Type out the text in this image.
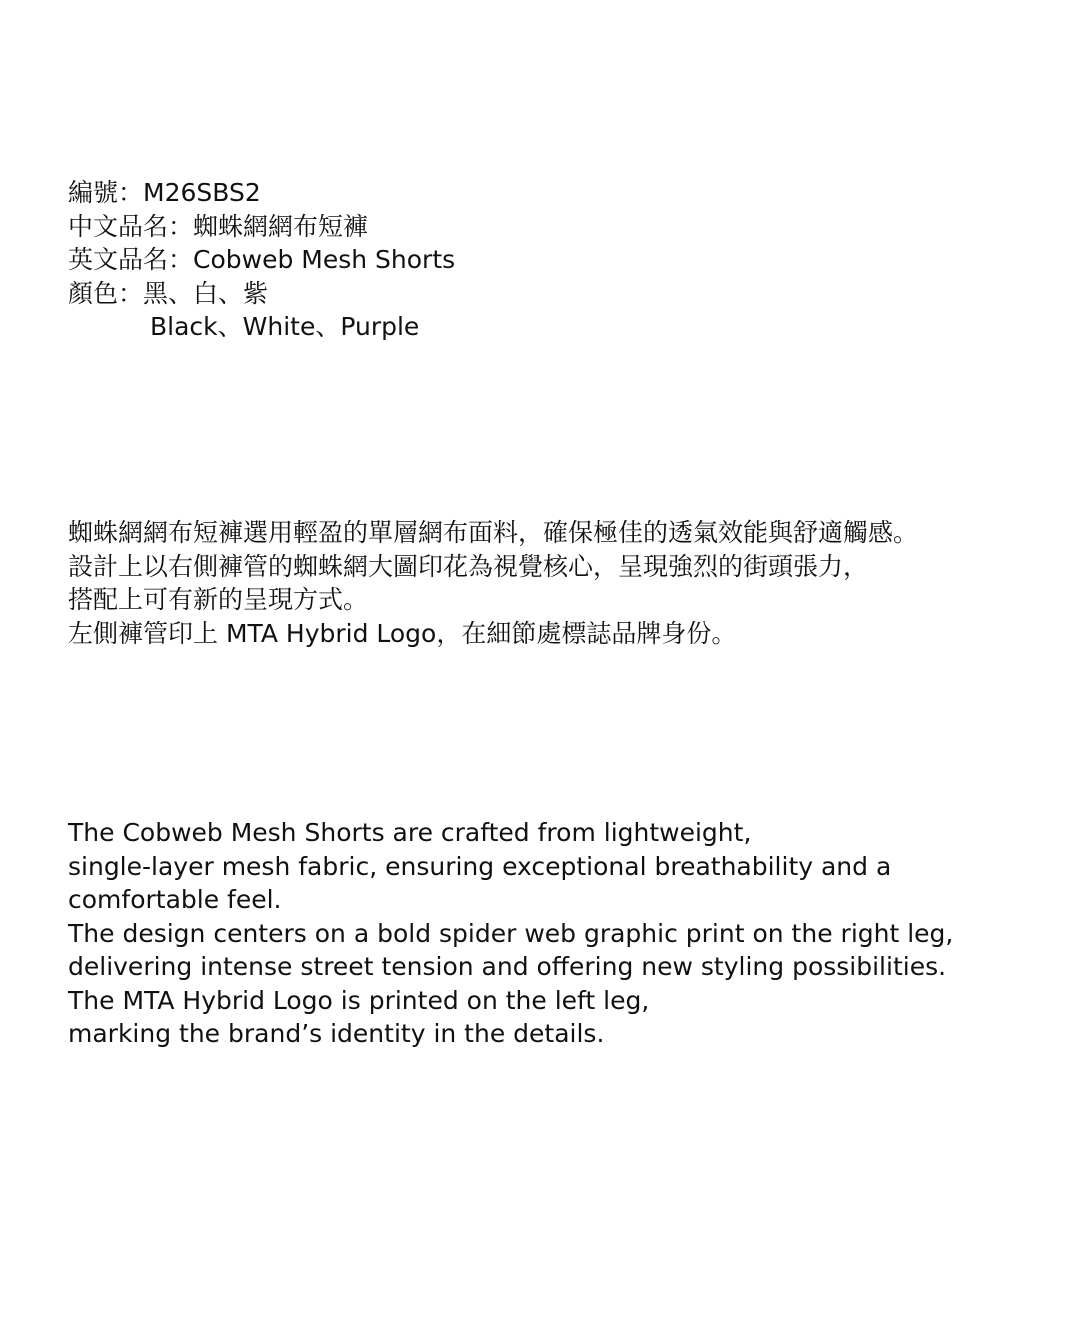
編號：M26SBS2
中文品名：蜘蛛網網布短褲
英文品名：Cobweb Mesh Shorts
顏色：黑、白、紫
Black、White、Purple
蜘蛛網網布短褲選用輕盈的單層網布面料，確保極佳的透氣效能與舒適觸感。
設計上以右側褲管的蜘蛛網大圖印花為視覺核心，呈現強烈的街頭張力，
搭配上可有新的呈現方式。
左側褲管印上 MTA Hybrid Logo，在細節處標誌品牌身份。
The Cobweb Mesh Shorts are crafted from lightweight,
single-layer mesh fabric, ensuring exceptional breathability and a
comfortable feel.
The design centers on a bold spider web graphic print on the right leg,
delivering intense street tension and offering new styling possibilities.
The MTA Hybrid Logo is printed on the left leg,
marking the brand’s identity in the details.
